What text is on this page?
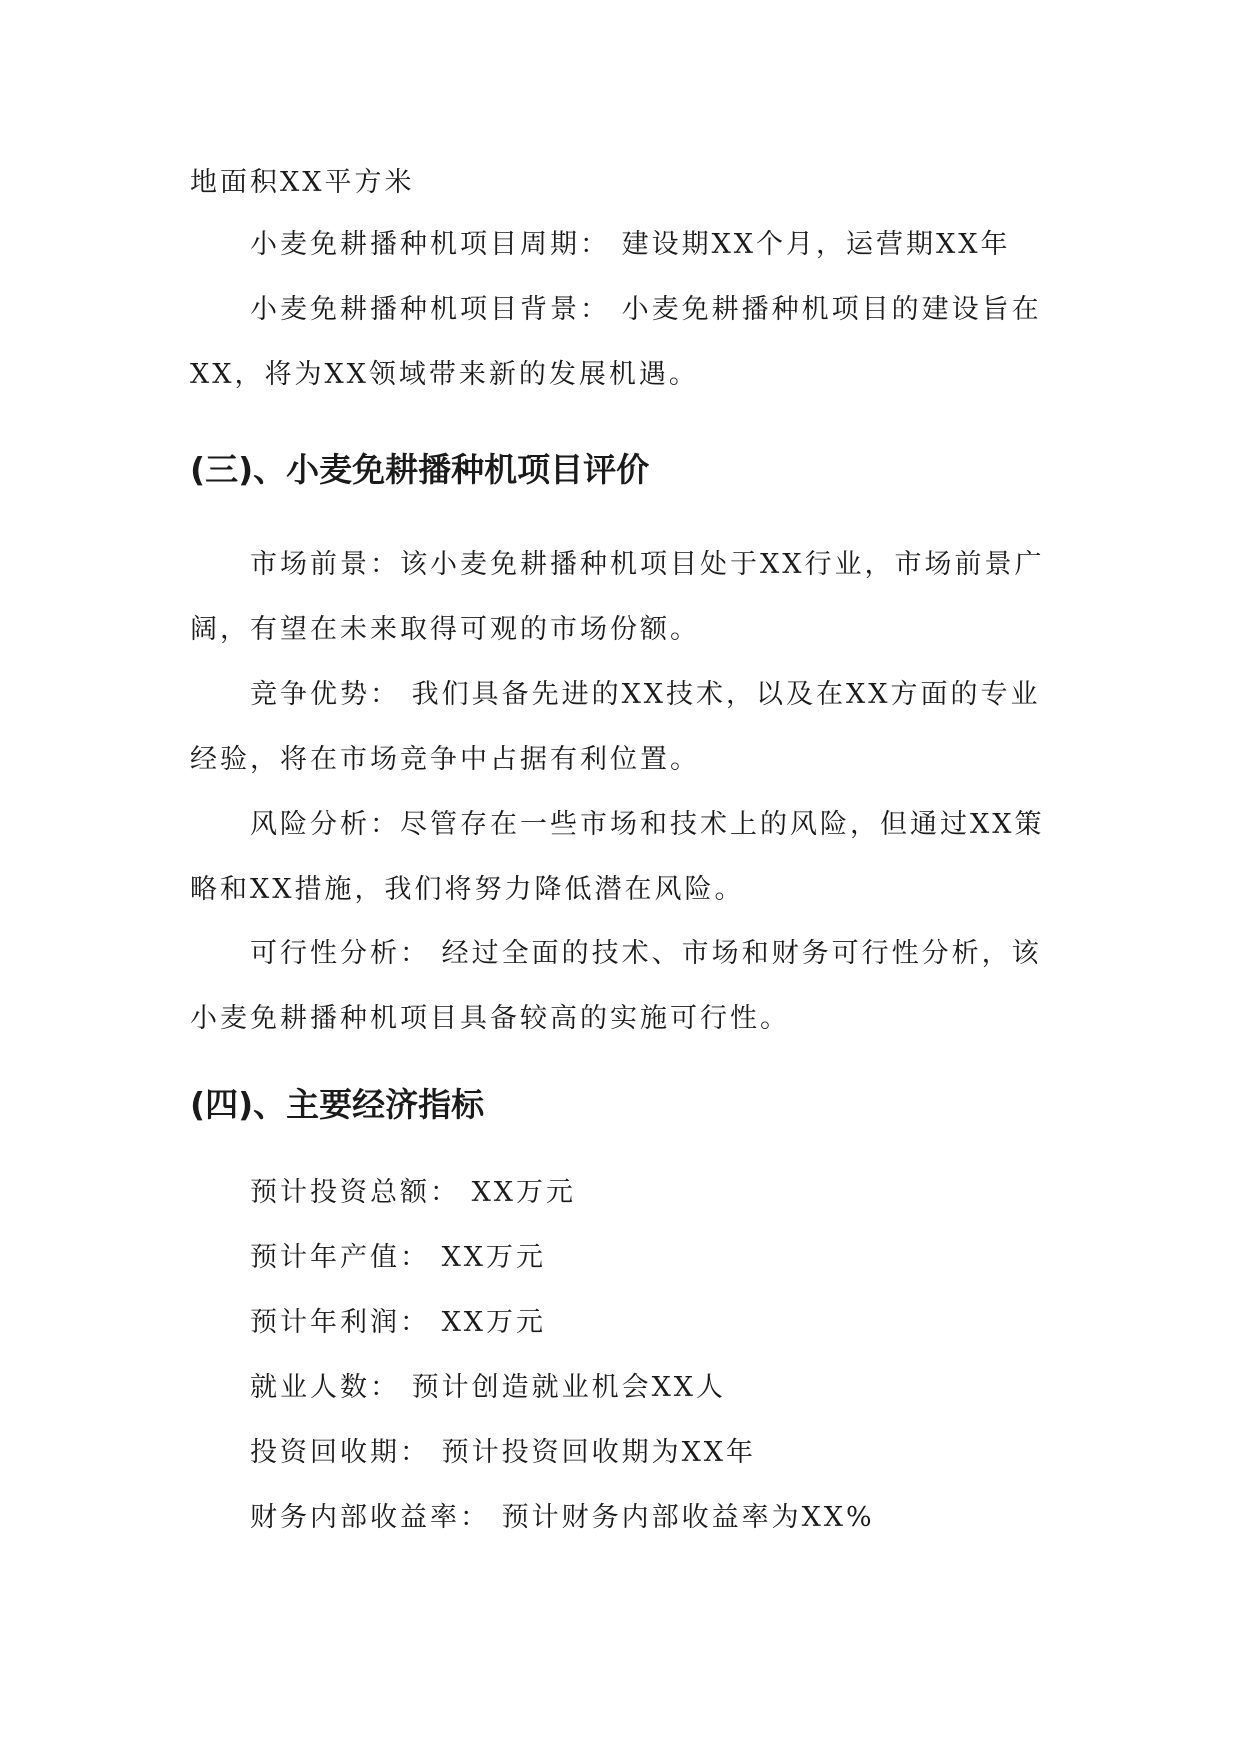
地面积XX平方米

小麦免耕播种机项目周期： 建设期XX个月，运营期XX年

小麦免耕播种机项目背景： 小麦免耕播种机项目的建设旨在XX，将为XX领域带来新的发展机遇。

(三)、小麦免耕播种机项目评价

市场前景：该小麦免耕播种机项目处于XX行业，市场前景广阔，有望在未来取得可观的市场份额。

竞争优势： 我们具备先进的XX技术，以及在XX方面的专业经验，将在市场竞争中占据有利位置。

风险分析：尽管存在一些市场和技术上的风险，但通过XX策略和XX措施，我们将努力降低潜在风险。

可行性分析： 经过全面的技术、市场和财务可行性分析，该小麦免耕播种机项目具备较高的实施可行性。

(四)、主要经济指标

预计投资总额： XX万元

预计年产值： XX万元

预计年利润： XX万元

就业人数： 预计创造就业机会XX人

投资回收期： 预计投资回收期为XX年

财务内部收益率： 预计财务内部收益率为XX%
